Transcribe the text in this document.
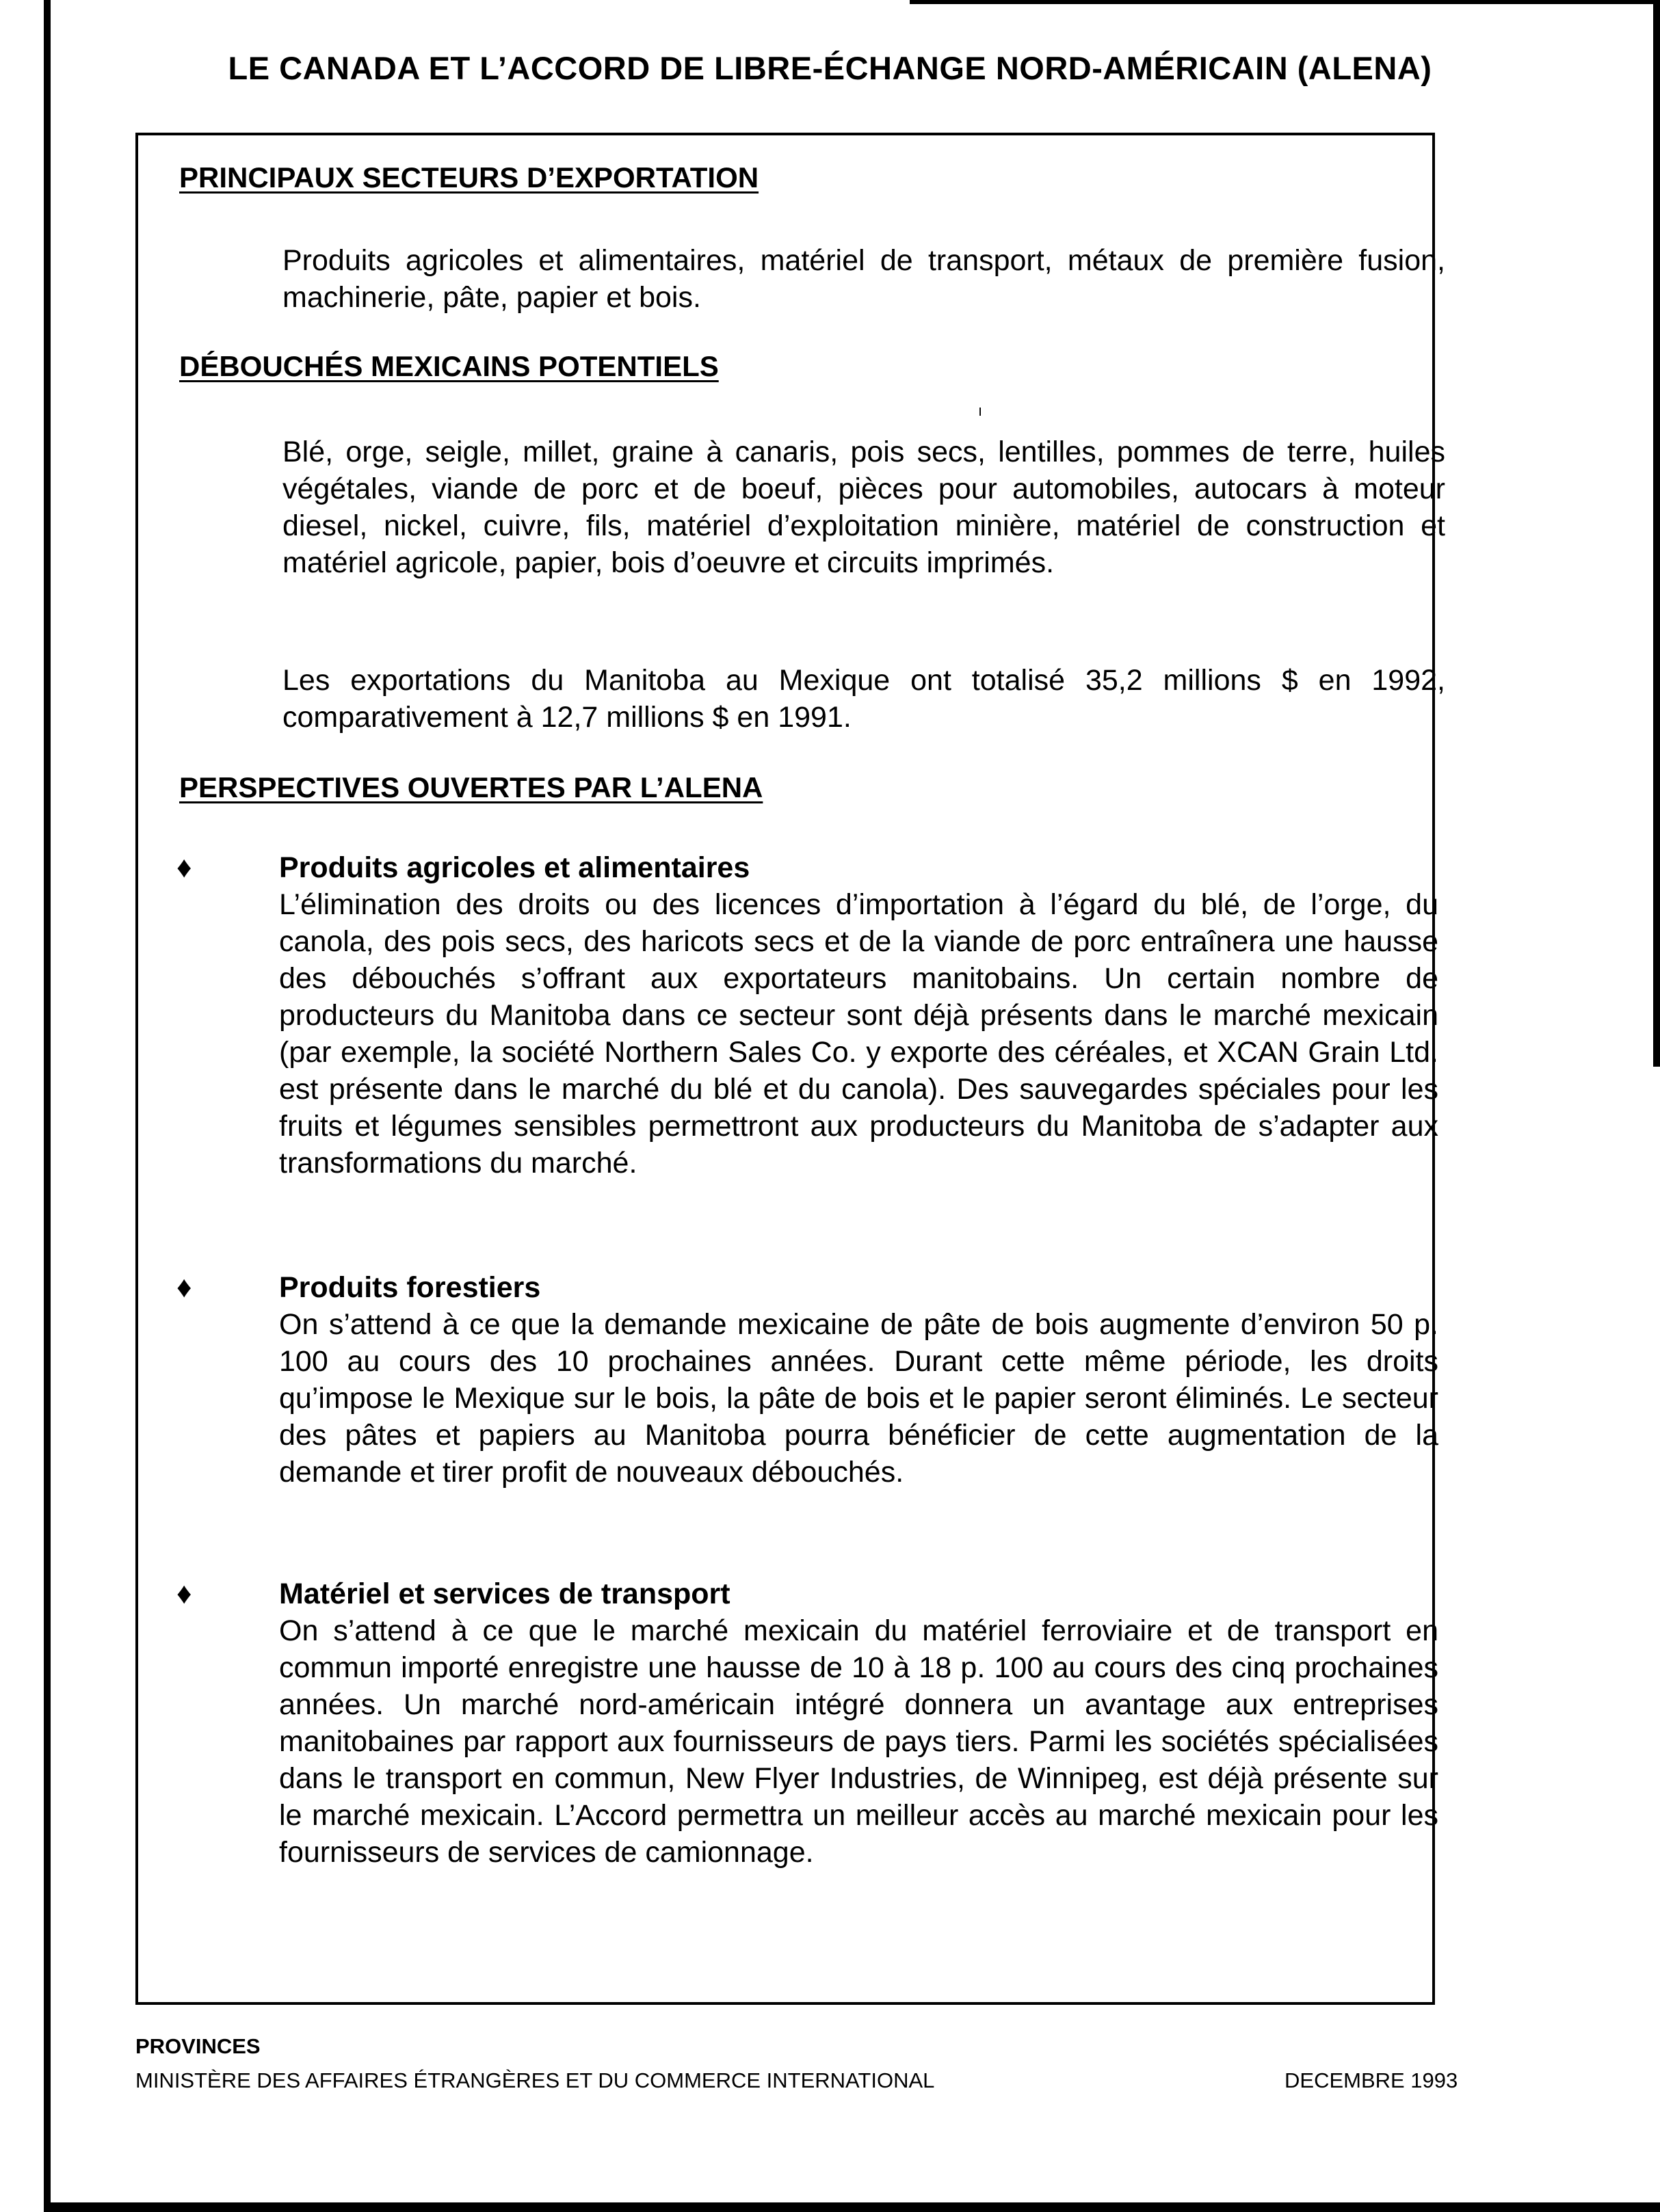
LE CANADA ET L’ACCORD DE LIBRE-ÉCHANGE NORD-AMÉRICAIN (ALENA)
PRINCIPAUX SECTEURS D’EXPORTATION
Produits agricoles et alimentaires, matériel de transport, métaux de première fusion, machinerie, pâte, papier et bois.
DÉBOUCHÉS MEXICAINS POTENTIELS
ı
Blé, orge, seigle, millet, graine à canaris, pois secs, lentilles, pommes de terre, huiles végétales, viande de porc et de boeuf, pièces pour automobiles, autocars à moteur diesel, nickel, cuivre, fils, matériel d’exploitation minière, matériel de construction et matériel agricole, papier, bois d’oeuvre et circuits imprimés.
Les exportations du Manitoba au Mexique ont totalisé 35,2 millions $ en 1992, comparativement à 12,7 millions $ en 1991.
PERSPECTIVES OUVERTES PAR L’ALENA
♦	Produits agricoles et alimentaires
L’élimination des droits ou des licences d’importation à l’égard du blé, de l’orge, du canola, des pois secs, des haricots secs et de la viande de porc entraînera une hausse des débouchés s’offrant aux exportateurs manitobains. Un certain nombre de producteurs du Manitoba dans ce secteur sont déjà présents dans le marché mexicain (par exemple, la société Northern Sales Co. y exporte des céréales, et XCAN Grain Ltd. est présente dans le marché du blé et du canola). Des sauvegardes spéciales pour les fruits et légumes sensibles permettront aux producteurs du Manitoba de s’adapter aux transformations du marché.
♦	Produits forestiers
On s’attend à ce que la demande mexicaine de pâte de bois augmente d’environ 50 p. 100 au cours des 10 prochaines années. Durant cette même période, les droits qu’impose le Mexique sur le bois, la pâte de bois et le papier seront éliminés. Le secteur des pâtes et papiers au Manitoba pourra bénéficier de cette augmentation de la demande et tirer profit de nouveaux débouchés.
♦	Matériel et services de transport
On s’attend à ce que le marché mexicain du matériel ferroviaire et de transport en commun importé enregistre une hausse de 10 à 18 p. 100 au cours des cinq prochaines années. Un marché nord-américain intégré donnera un avantage aux entreprises manitobaines par rapport aux fournisseurs de pays tiers. Parmi les sociétés spécialisées dans le transport en commun, New Flyer Industries, de Winnipeg, est déjà présente sur le marché mexicain. L’Accord permettra un meilleur accès au marché mexicain pour les fournisseurs de services de camionnage.
PROVINCES
MINISTÈRE DES AFFAIRES ÉTRANGÈRES ET DU COMMERCE INTERNATIONAL	DECEMBRE 1993
